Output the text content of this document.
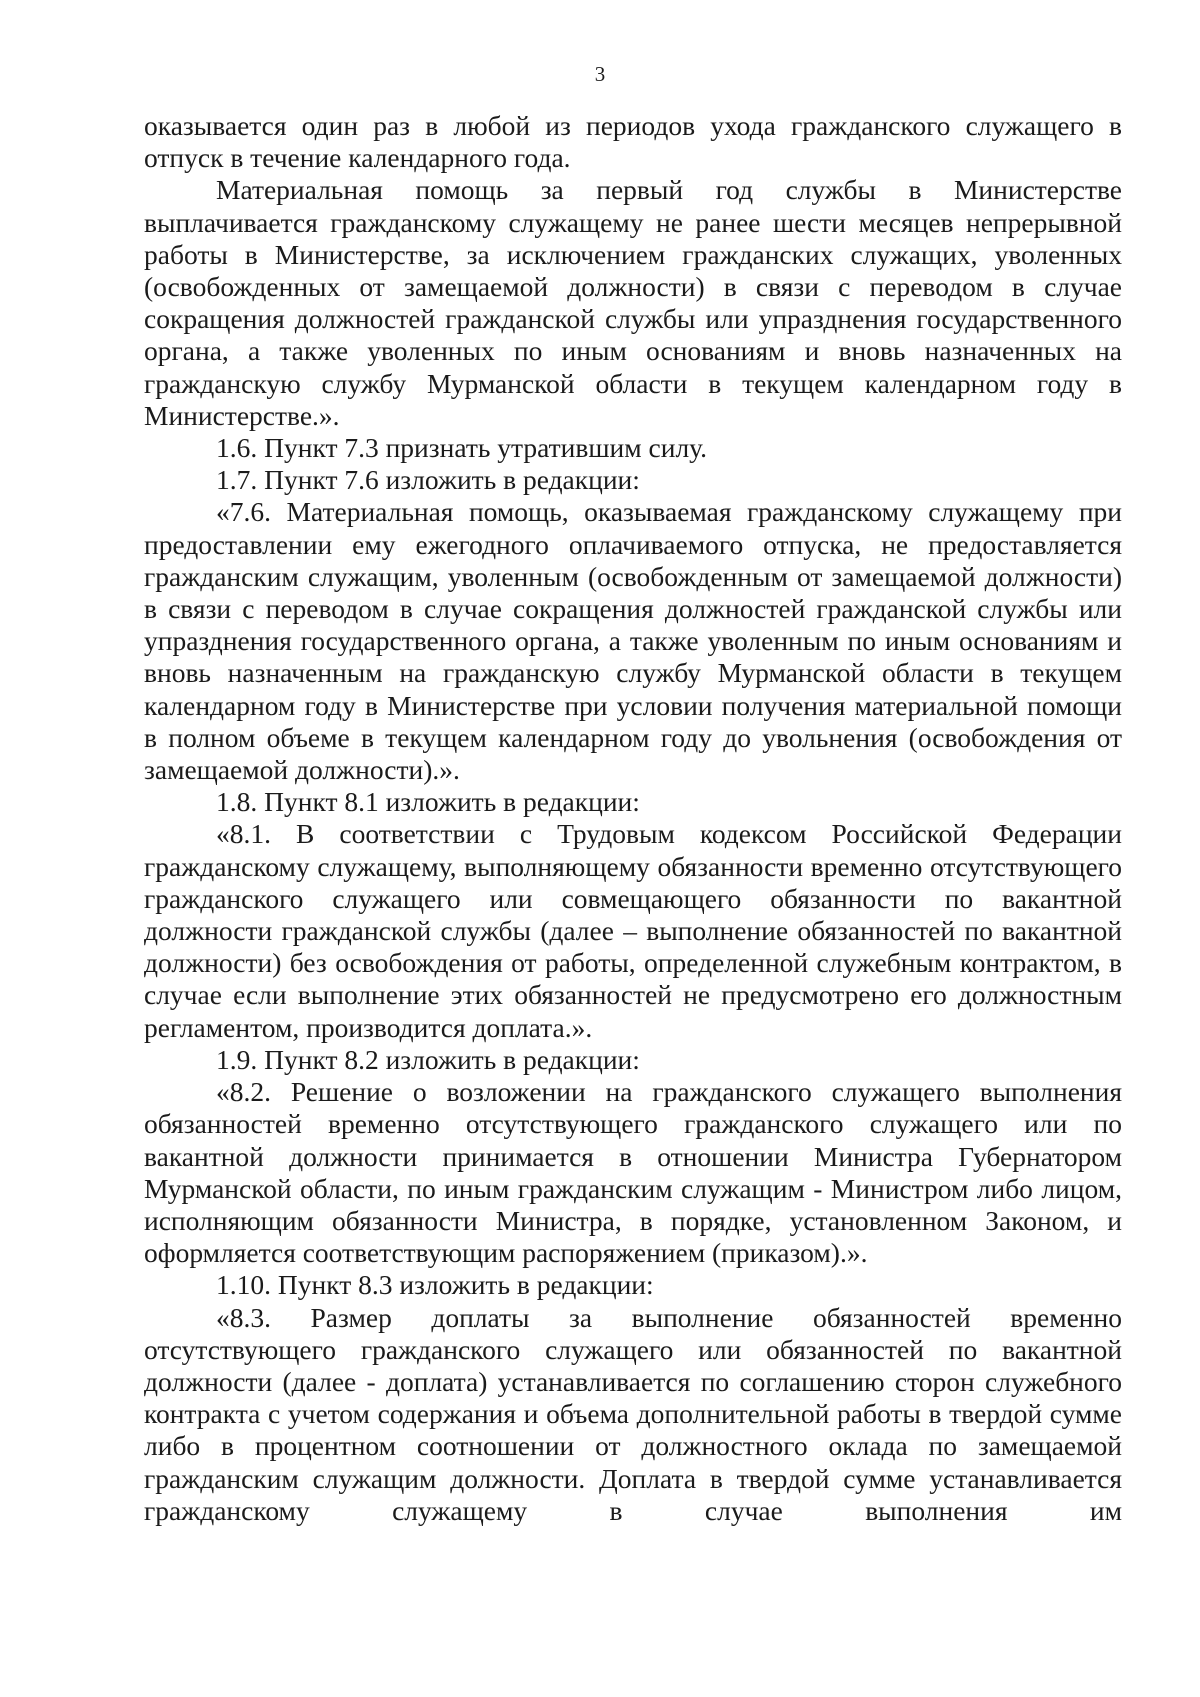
3

оказывается один раз в любой из периодов ухода гражданского служащего в отпуск в течение календарного года.

Материальная помощь за первый год службы в Министерстве выплачивается гражданскому служащему не ранее шести месяцев непрерывной работы в Министерстве, за исключением гражданских служащих, уволенных (освобожденных от замещаемой должности) в связи с переводом в случае сокращения должностей гражданской службы или упразднения государственного органа, а также уволенных по иным основаниям и вновь назначенных на гражданскую службу Мурманской области в текущем календарном году в Министерстве.».

1.6. Пункт 7.3 признать утратившим силу.

1.7. Пункт 7.6 изложить в редакции:

«7.6. Материальная помощь, оказываемая гражданскому служащему при предоставлении ему ежегодного оплачиваемого отпуска, не предоставляется гражданским служащим, уволенным (освобожденным от замещаемой должности) в связи с переводом в случае сокращения должностей гражданской службы или упразднения государственного органа, а также уволенным по иным основаниям и вновь назначенным на гражданскую службу Мурманской области в текущем календарном году в Министерстве при условии получения материальной помощи в полном объеме в текущем календарном году до увольнения (освобождения от замещаемой должности).».

1.8. Пункт 8.1 изложить в редакции:

«8.1. В соответствии с Трудовым кодексом Российской Федерации гражданскому служащему, выполняющему обязанности временно отсутствующего гражданского служащего или совмещающего обязанности по вакантной должности гражданской службы (далее – выполнение обязанностей по вакантной должности) без освобождения от работы, определенной служебным контрактом, в случае если выполнение этих обязанностей не предусмотрено его должностным регламентом, производится доплата.».

1.9. Пункт 8.2 изложить в редакции:

«8.2. Решение о возложении на гражданского служащего выполнения обязанностей временно отсутствующего гражданского служащего или по вакантной должности принимается в отношении Министра Губернатором Мурманской области, по иным гражданским служащим - Министром либо лицом, исполняющим обязанности Министра, в порядке, установленном Законом, и оформляется соответствующим распоряжением (приказом).».

1.10. Пункт 8.3 изложить в редакции:

«8.3. Размер доплаты за выполнение обязанностей временно отсутствующего гражданского служащего или обязанностей по вакантной должности (далее - доплата) устанавливается по соглашению сторон служебного контракта с учетом содержания и объема дополнительной работы в твердой сумме либо в процентном соотношении от должностного оклада по замещаемой гражданским служащим должности. Доплата в твердой сумме устанавливается гражданскому служащему в случае выполнения им
